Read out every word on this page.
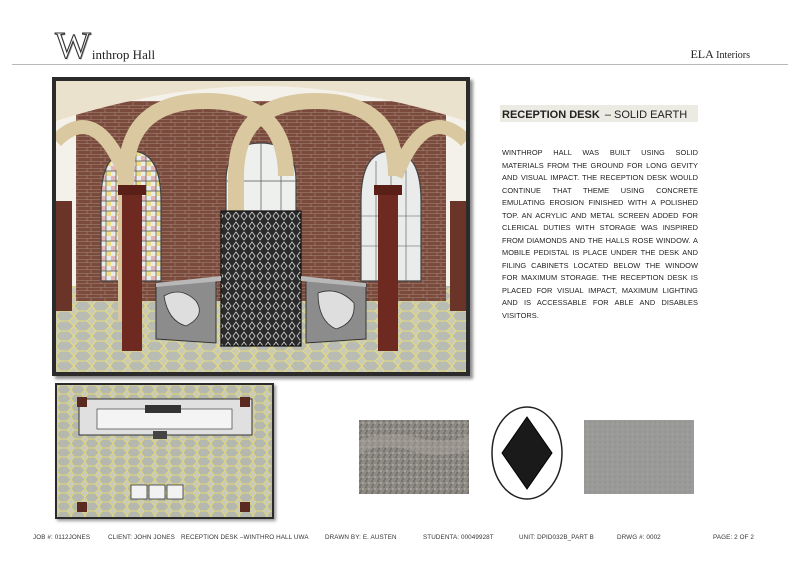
W inthrop Hall	ELA Interiors
RECEPTION DESK – SOLID EARTH
WINTHROP HALL WAS BUILT USING SOLID MATERIALS FROM THE GROUND FOR LONG GEVITY AND VISUAL IMPACT. THE RECEPTION DESK WOULD CONTINUE THAT THEME USING CONCRETE EMULATING EROSION FINISHED WITH A POLISHED TOP. AN ACRYLIC AND METAL SCREEN ADDED FOR CLERICAL DUTIES WITH STORAGE WAS INSPIRED FROM DIAMONDS AND THE HALLS ROSE WINDOW. A MOBILE PEDISTAL IS PLACE UNDER THE DESK AND FILING CABINETS LOCATED BELOW THE WINDOW FOR MAXIMUM STORAGE. THE RECEPTION DESK IS PLACED FOR VISUAL IMPACT, MAXIMUM LIGHTING AND IS ACCESSABLE FOR ABLE AND DISABLES VISITORS.
JOB #: 0112JONES	CLIENT: JOHN JONES RECEPTION DESK –WINTHRO HALL UWA	DRAWN BY: E. AUSTEN	STUDENTA: 00049928T	UNIT: DPID032B_PART B	DRWG #: 0002	PAGE: 2 OF 2
